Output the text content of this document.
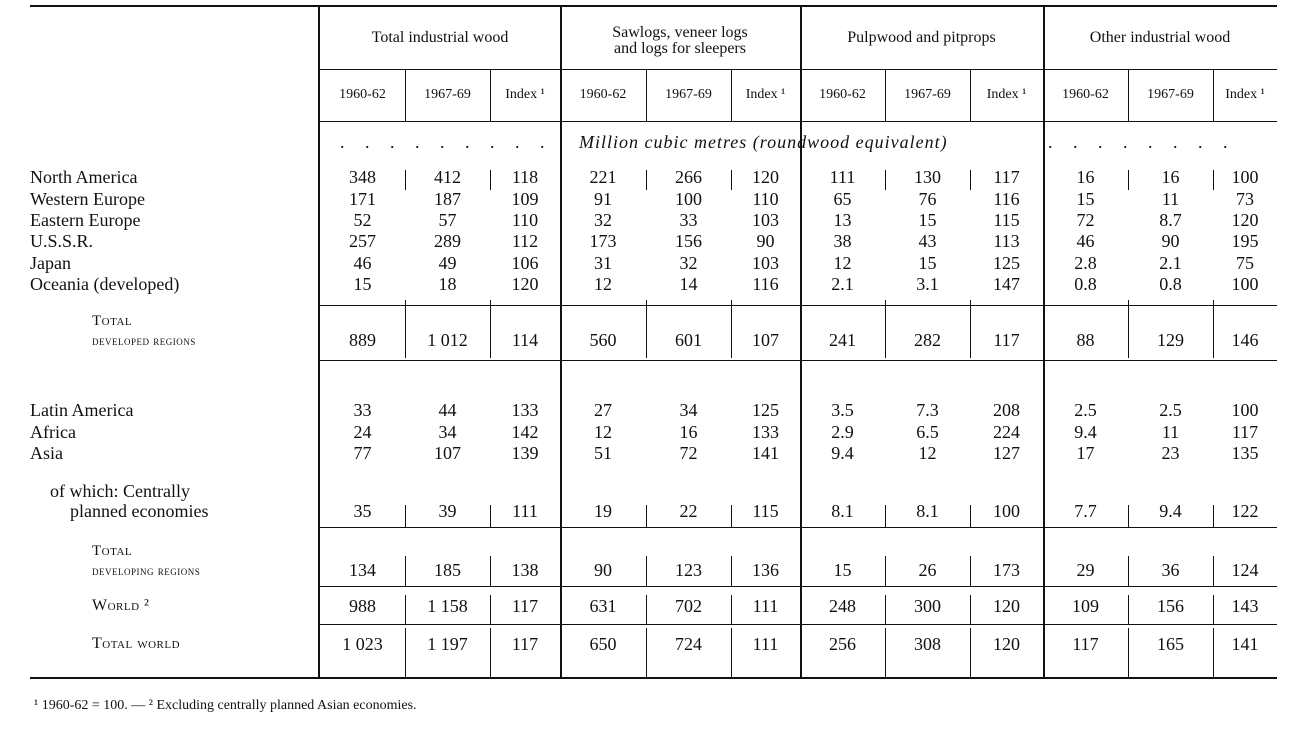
Total industrial wood	Sawlogs, veneer logs
and logs for sleepers
Pulpwood and pitprops	Other industrial wood
1960-62	1967-69	Index ¹	1960-62	1967-69	Index ¹	1960-62	1967-69	Index ¹	1960-62	1967-69	Index ¹
. . . . . . . . . Million cubic metres (roundwood equivalent)	. . . . . . . .
North America	348	412	118	221	266	120	111	130	117	16	16	100
Western Europe	171	187	109	91	100	110	65	76	116	15	11	73
Eastern Europe	52	57	110	32	33	103	13	15	115	72	8.7	120
U.S.S.R.	257	289	112	173	156	90	38	43	113	46	90	195
Japan	46	49	106	31	32	103	12	15	125	2.8	2.1	75
Oceania (developed)	15	18	120	12	14	116	2.1	3.1	147	0.8	0.8	100
Total
developed regions	889	1 012	114	560	601	107	241	282	117	88	129	146
Latin America	33	44	133	27	34	125	3.5	7.3	208	2.5	2.5	100
Africa	24	34	142	12	16	133	2.9	6.5	224	9.4	11	117
Asia	77	107	139	51	72	141	9.4	12	127	17	23	135
of which: Centrally
planned economies	35	39	111	19	22	115	8.1	8.1	100	7.7	9.4	122
Total
developing regions	134	185	138	90	123	136	15	26	173	29	36	124
World ²	988	1 158	117	631	702	111	248	300	120	109	156	143
Total world	1 023	1 197	117	650	724	111	256	308	120	117	165	141
¹ 1960-62 = 100. — ² Excluding centrally planned Asian economies.
